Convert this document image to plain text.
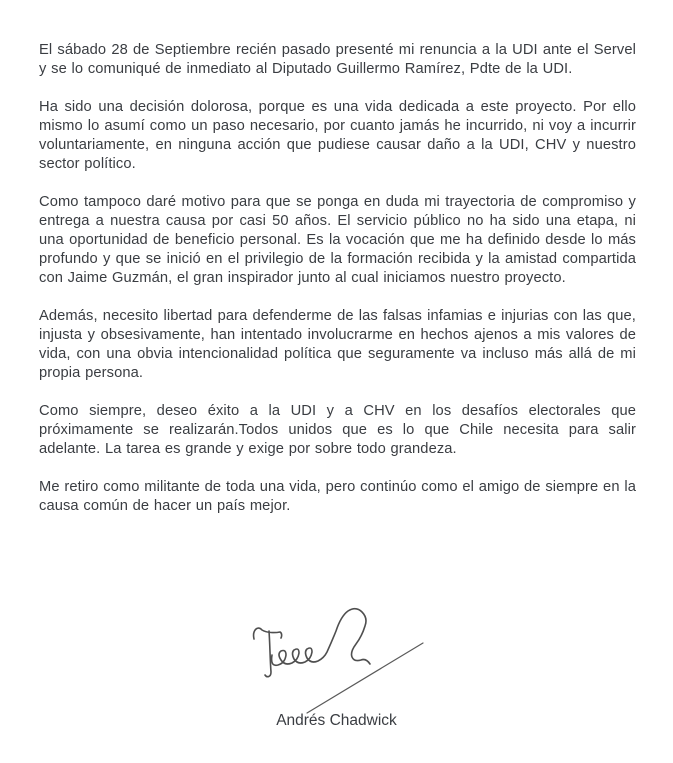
El sábado 28 de Septiembre recién pasado presenté mi renuncia a la UDI ante el Servel y se lo comuniqué de inmediato al Diputado Guillermo Ramírez, Pdte de la UDI.

Ha sido una decisión dolorosa, porque es una vida dedicada a este proyecto. Por ello mismo lo asumí como un paso necesario, por cuanto jamás he incurrido, ni voy a incurrir voluntariamente, en ninguna acción que pudiese causar daño a la UDI, CHV y nuestro sector político.

Como tampoco daré motivo para que se ponga en duda mi trayectoria de compromiso y entrega a nuestra causa por casi 50 años. El servicio público no ha sido una etapa, ni una oportunidad de beneficio personal. Es la vocación que me ha definido desde lo más profundo y que se inició en el privilegio de la formación recibida y la amistad compartida con Jaime Guzmán, el gran inspirador junto al cual iniciamos nuestro proyecto.

Además, necesito libertad para defenderme de las falsas infamias e injurias con las que, injusta y obsesivamente, han intentado involucrarme en hechos ajenos a mis valores de vida, con una obvia intencionalidad política que seguramente va incluso más allá de mi propia persona.

Como siempre, deseo éxito a la UDI y a CHV en los desafíos electorales que próximamente se realizarán.Todos unidos que es lo que Chile necesita para salir adelante. La tarea es grande y exige por sobre todo grandeza.

Me retiro como militante de toda una vida, pero continúo como el amigo de siempre en la causa común de hacer un país mejor.

Andrés Chadwick
